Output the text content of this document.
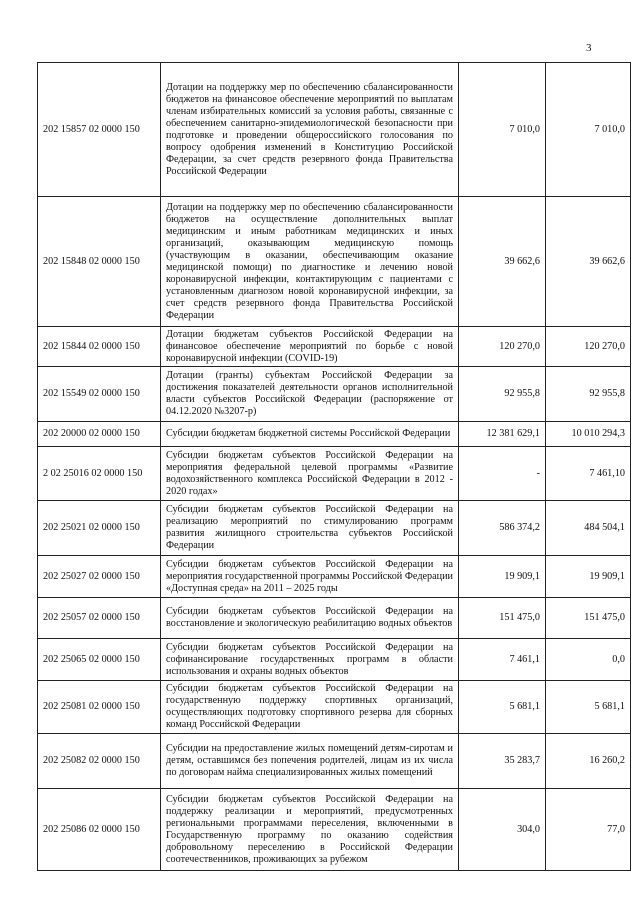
3
202 15857 02 0000 150	Дотации на поддержку мер по обеспечению сбалансированности бюджетов на финансовое обеспечение мероприятий по выплатам членам избирательных комиссий за условия работы, связанные с обеспечением санитарно-эпидемиологической безопасности при подготовке и проведении общероссийского голосования по вопросу одобрения изменений в Конституцию Российской Федерации, за счет средств резервного фонда Правительства Российской Федерации	7 010,0	7 010,0
202 15848 02 0000 150	Дотации на поддержку мер по обеспечению сбалансированности бюджетов на осуществление дополнительных выплат медицинским и иным работникам медицинских и иных организаций, оказывающим медицинскую помощь (участвующим в оказании, обеспечивающим оказание медицинской помощи) по диагностике и лечению новой коронавирусной инфекции, контактирующим с пациентами с установленным диагнозом новой коронавирусной инфекции, за счет средств резервного фонда Правительства Российской Федерации	39 662,6	39 662,6
202 15844 02 0000 150	Дотации бюджетам субъектов Российской Федерации на финансовое обеспечение мероприятий по борьбе с новой коронавирусной инфекции (COVID-19)	120 270,0	120 270,0
202 15549 02 0000 150	Дотации (гранты) субъектам Российской Федерации за достижения показателей деятельности органов исполнительной власти субъектов Российской Федерации (распоряжение от 04.12.2020 №3207-р)	92 955,8	92 955,8
202 20000 02 0000 150	Субсидии бюджетам бюджетной системы Российской Федерации	12 381 629,1	10 010 294,3
2 02 25016 02 0000 150	Субсидии бюджетам субъектов Российской Федерации на мероприятия федеральной целевой программы «Развитие водохозяйственного комплекса Российской Федерации в 2012 - 2020 годах»	-	7 461,10
202 25021 02 0000 150	Субсидии бюджетам субъектов Российской Федерации на реализацию мероприятий по стимулированию программ развития жилищного строительства субъектов Российской Федерации	586 374,2	484 504,1
202 25027 02 0000 150	Субсидии бюджетам субъектов Российской Федерации на мероприятия государственной программы Российской Федерации «Доступная среда» на 2011 – 2025 годы	19 909,1	19 909,1
202 25057 02 0000 150	Субсидии бюджетам субъектов Российской Федерации на восстановление и экологическую реабилитацию водных объектов	151 475,0	151 475,0
202 25065 02 0000 150	Субсидии бюджетам субъектов Российской Федерации на софинансирование государственных программ в области использования и охраны водных объектов	7 461,1	0,0
202 25081 02 0000 150	Субсидии бюджетам субъектов Российской Федерации на государственную поддержку спортивных организаций, осуществляющих подготовку спортивного резерва для сборных команд Российской Федерации	5 681,1	5 681,1
202 25082 02 0000 150	Субсидии на предоставление жилых помещений детям-сиротам и детям, оставшимся без попечения родителей, лицам из их числа по договорам найма специализированных жилых помещений	35 283,7	16 260,2
202 25086 02 0000 150	Субсидии бюджетам субъектов Российской Федерации на поддержку реализации и мероприятий, предусмотренных региональными программами переселения, включенными в Государственную программу по оказанию содействия добровольному переселению в Российской Федерации соотечественников, проживающих за рубежом	304,0	77,0
